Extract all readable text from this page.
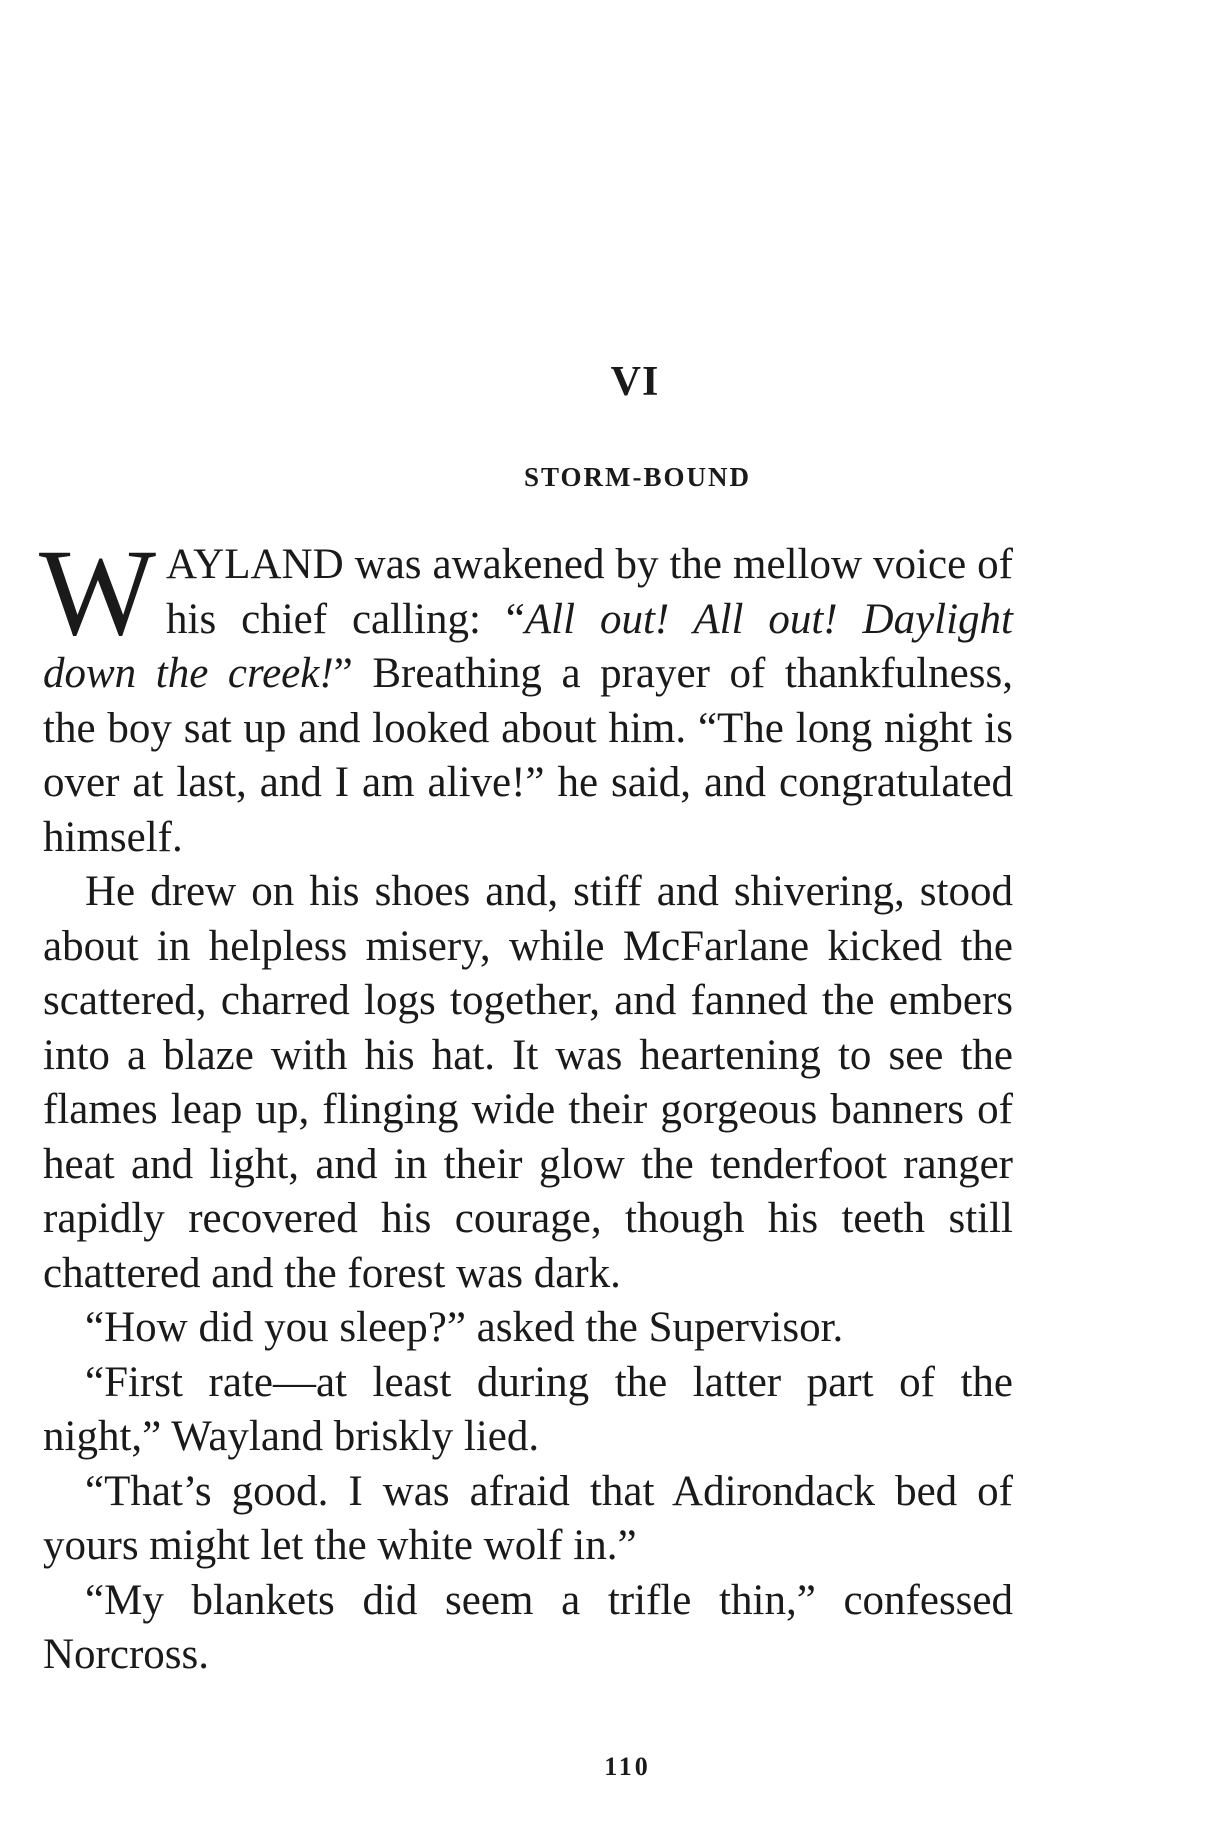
VI
STORM-BOUND

WAYLAND was awakened by the mellow voice of his chief calling: “All out! All out! Daylight down the creek!” Breathing a prayer of thankfulness, the boy sat up and looked about him. “The long night is over at last, and I am alive!” he said, and congratulated himself.

He drew on his shoes and, stiff and shivering, stood about in helpless misery, while McFarlane kicked the scattered, charred logs together, and fanned the embers into a blaze with his hat. It was heartening to see the flames leap up, flinging wide their gorgeous banners of heat and light, and in their glow the tenderfoot ranger rapidly recovered his courage, though his teeth still chattered and the forest was dark.

“How did you sleep?” asked the Supervisor.

“First rate—at least during the latter part of the night,” Wayland briskly lied.

“That’s good. I was afraid that Adirondack bed of yours might let the white wolf in.”

“My blankets did seem a trifle thin,” confessed Norcross.

110
